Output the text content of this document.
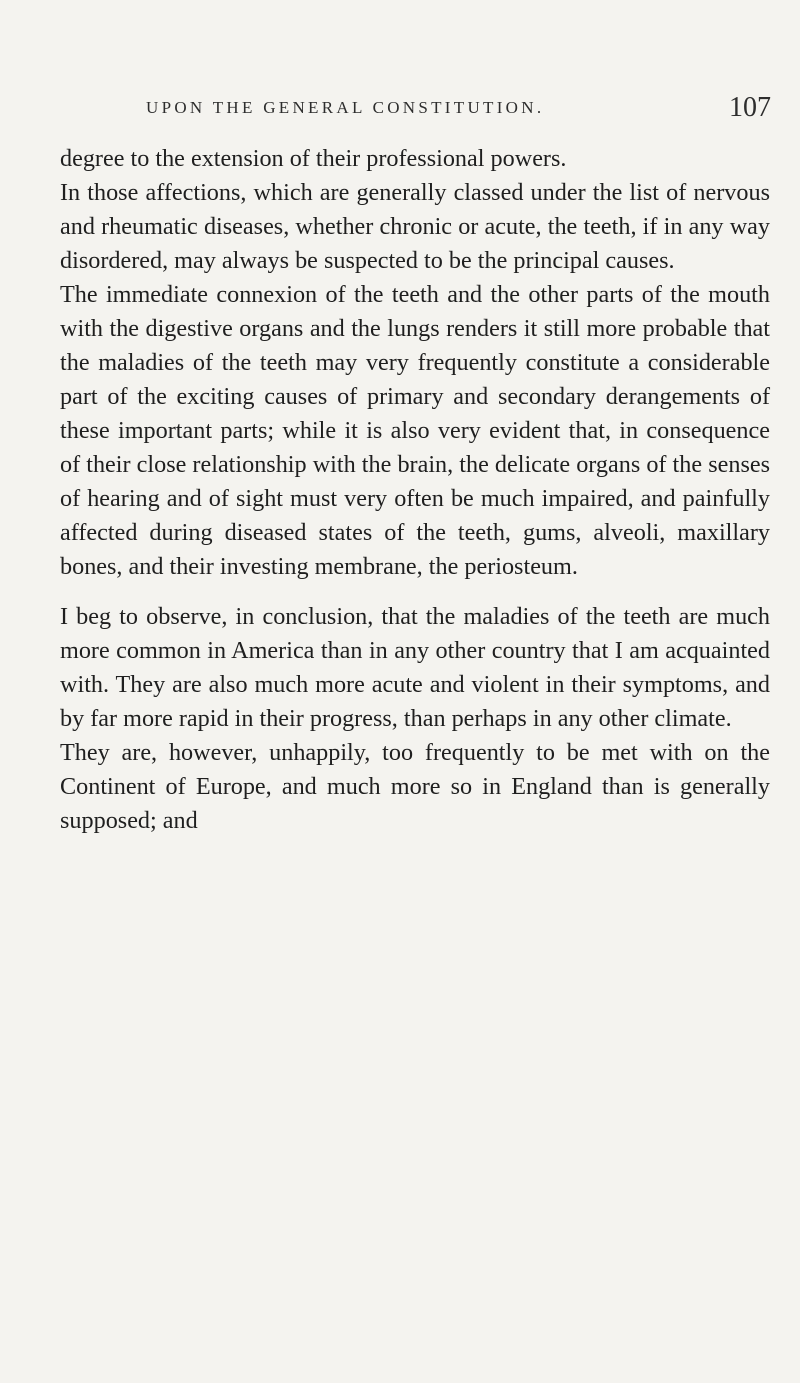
UPON THE GENERAL CONSTITUTION.	107

degree to the extension of their professional powers.

In those affections, which are generally classed under the list of nervous and rheumatic diseases, whether chronic or acute, the teeth, if in any way disordered, may always be suspected to be the principal causes.

The immediate connexion of the teeth and the other parts of the mouth with the digestive organs and the lungs renders it still more probable that the maladies of the teeth may very frequently constitute a considerable part of the exciting causes of primary and secondary derangements of these important parts; while it is also very evident that, in consequence of their close relationship with the brain, the delicate organs of the senses of hearing and of sight must very often be much impaired, and painfully affected during diseased states of the teeth, gums, alveoli, maxillary bones, and their investing membrane, the periosteum.

I beg to observe, in conclusion, that the maladies of the teeth are much more common in America than in any other country that I am acquainted with. They are also much more acute and violent in their symptoms, and by far more rapid in their progress, than perhaps in any other climate.

They are, however, unhappily, too frequently to be met with on the Continent of Europe, and much more so in England than is generally supposed; and
